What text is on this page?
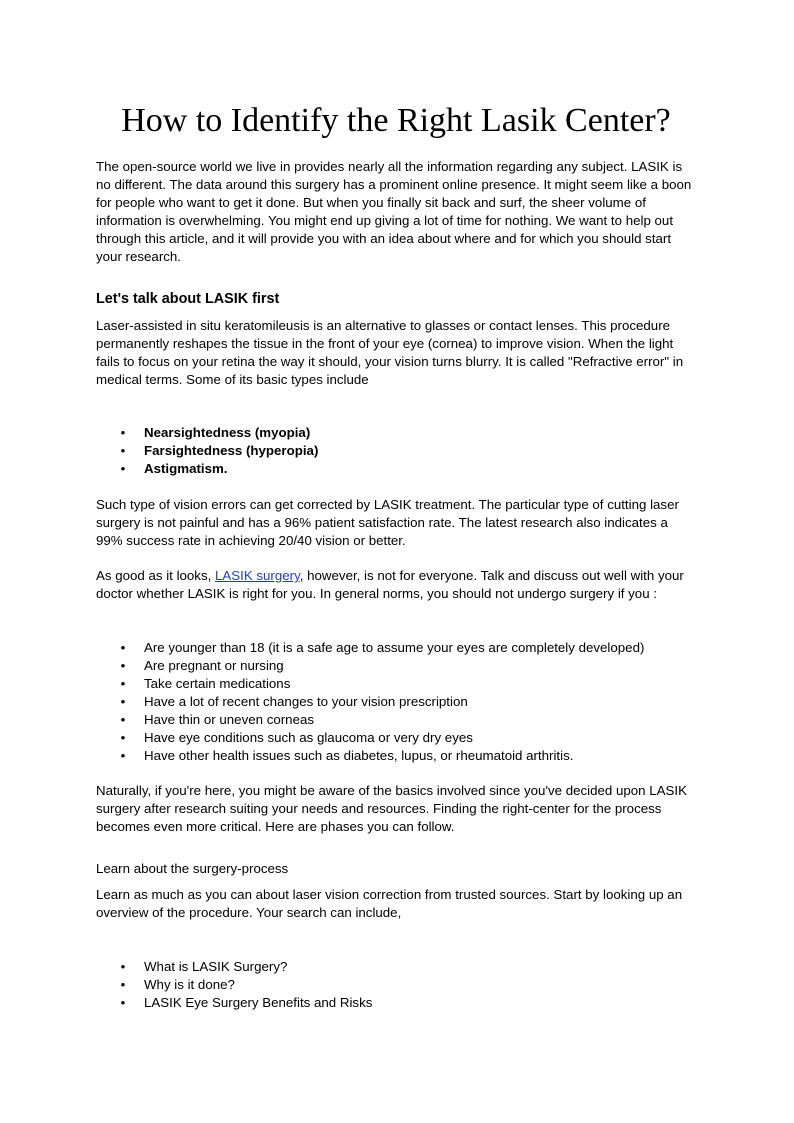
How to Identify the Right Lasik Center?

The open-source world we live in provides nearly all the information regarding any subject. LASIK is no different. The data around this surgery has a prominent online presence. It might seem like a boon for people who want to get it done. But when you finally sit back and surf, the sheer volume of information is overwhelming. You might end up giving a lot of time for nothing. We want to help out through this article, and it will provide you with an idea about where and for which you should start your research.

Let's talk about LASIK first

Laser-assisted in situ keratomileusis is an alternative to glasses or contact lenses. This procedure permanently reshapes the tissue in the front of your eye (cornea) to improve vision. When the light fails to focus on your retina the way it should, your vision turns blurry. It is called "Refractive error" in medical terms. Some of its basic types include

• Nearsightedness (myopia)
• Farsightedness (hyperopia)
• Astigmatism.

Such type of vision errors can get corrected by LASIK treatment. The particular type of cutting laser surgery is not painful and has a 96% patient satisfaction rate. The latest research also indicates a 99% success rate in achieving 20/40 vision or better.

As good as it looks, LASIK surgery, however, is not for everyone. Talk and discuss out well with your doctor whether LASIK is right for you. In general norms, you should not undergo surgery if you :

• Are younger than 18 (it is a safe age to assume your eyes are completely developed)
• Are pregnant or nursing
• Take certain medications
• Have a lot of recent changes to your vision prescription
• Have thin or uneven corneas
• Have eye conditions such as glaucoma or very dry eyes
• Have other health issues such as diabetes, lupus, or rheumatoid arthritis.

Naturally, if you're here, you might be aware of the basics involved since you've decided upon LASIK surgery after research suiting your needs and resources. Finding the right-center for the process becomes even more critical. Here are phases you can follow.

Learn about the surgery-process

Learn as much as you can about laser vision correction from trusted sources. Start by looking up an overview of the procedure. Your search can include,

• What is LASIK Surgery?
• Why is it done?
• LASIK Eye Surgery Benefits and Risks
